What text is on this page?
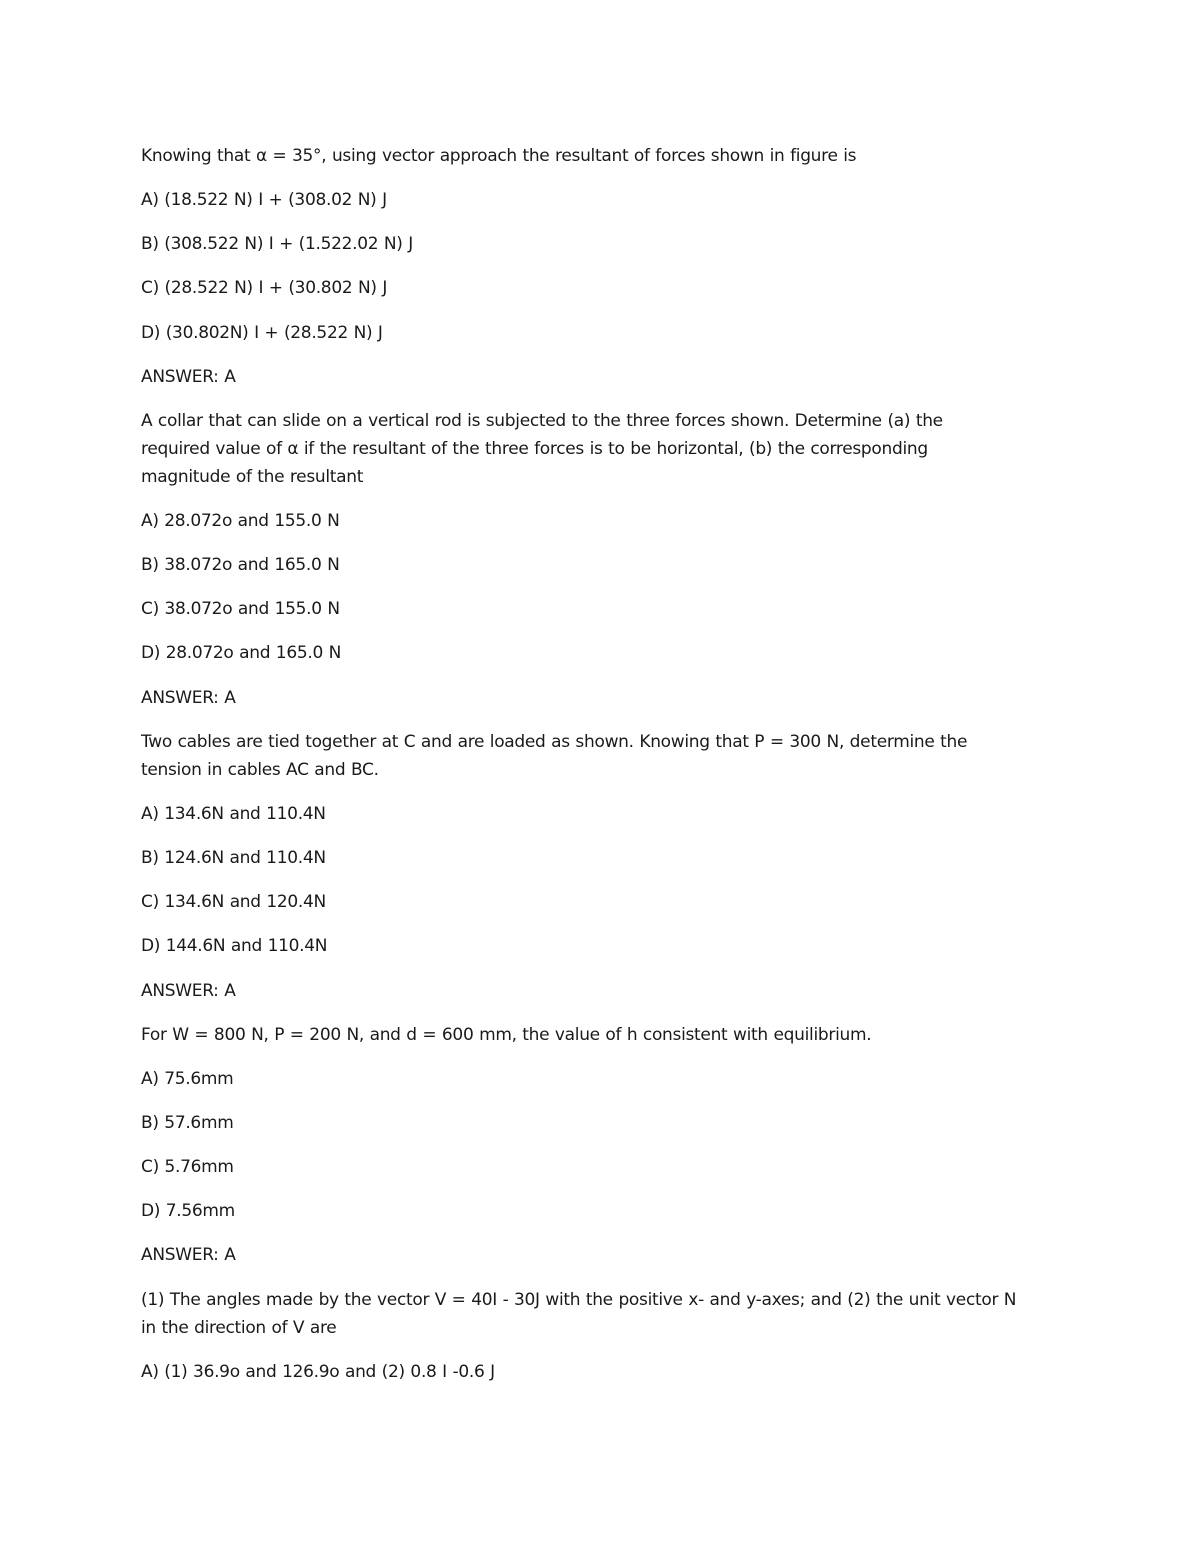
Knowing that α = 35°, using vector approach the resultant of forces shown in figure is
A) (18.522 N) I + (308.02 N) J
B) (308.522 N) I + (1.522.02 N) J
C) (28.522 N) I + (30.802 N) J
D) (30.802N) I + (28.522 N) J
ANSWER: A
A collar that can slide on a vertical rod is subjected to the three forces shown. Determine (a) the
required value of α if the resultant of the three forces is to be horizontal, (b) the corresponding
magnitude of the resultant
A) 28.072o and 155.0 N
B) 38.072o and 165.0 N
C) 38.072o and 155.0 N
D) 28.072o and 165.0 N
ANSWER: A
Two cables are tied together at C and are loaded as shown. Knowing that P = 300 N, determine the
tension in cables AC and BC.
A) 134.6N and 110.4N
B) 124.6N and 110.4N
C) 134.6N and 120.4N
D) 144.6N and 110.4N
ANSWER: A
For W = 800 N, P = 200 N, and d = 600 mm, the value of h consistent with equilibrium.
A) 75.6mm
B) 57.6mm
C) 5.76mm
D) 7.56mm
ANSWER: A
(1) The angles made by the vector V = 40I - 30J with the positive x- and y-axes; and (2) the unit vector N
in the direction of V are
A) (1) 36.9o and 126.9o and (2) 0.8 I -0.6 J
